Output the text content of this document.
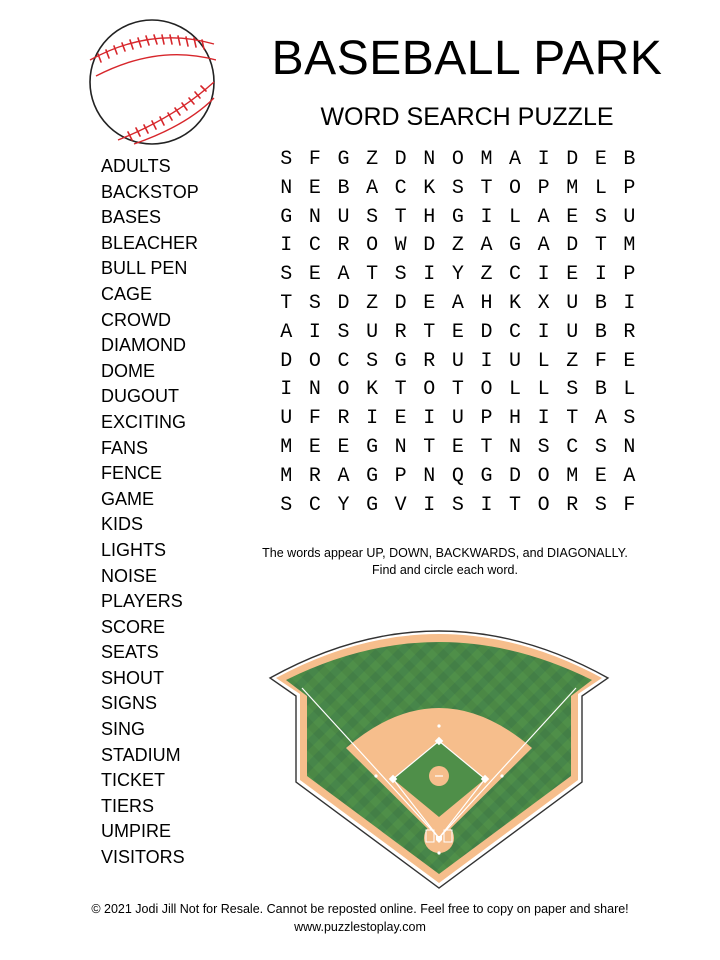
BASEBALL PARK
WORD SEARCH PUZZLE
ADULTS
BACKSTOP
BASES
BLEACHER
BULL PEN
CAGE
CROWD
DIAMOND
DOME
DUGOUT
EXCITING
FANS
FENCE
GAME
KIDS
LIGHTS
NOISE
PLAYERS
SCORE
SEATS
SHOUT
SIGNS
SING
STADIUM
TICKET
TIERS
UMPIRE
VISITORS
S F G Z D N O M A I D E B
N E B A C K S T O P M L P
G N U S T H G I L A E S U
I C R O W D Z A G A D T M
S E A T S I Y Z C I E I P
T S D Z D E A H K X U B I
A I S U R T E D C I U B R
D O C S G R U I U L Z F E
I N O K T O T O L L S B L
U F R I E I U P H I T A S
M E E G N T E T N S C S N
M R A G P N Q G D O M E A
S C Y G V I S I T O R S F
The words appear UP, DOWN, BACKWARDS, and DIAGONALLY.
Find and circle each word.
© 2021 Jodi Jill Not for Resale. Cannot be reposted online. Feel free to copy on paper and share!
www.puzzlestoplay.com
